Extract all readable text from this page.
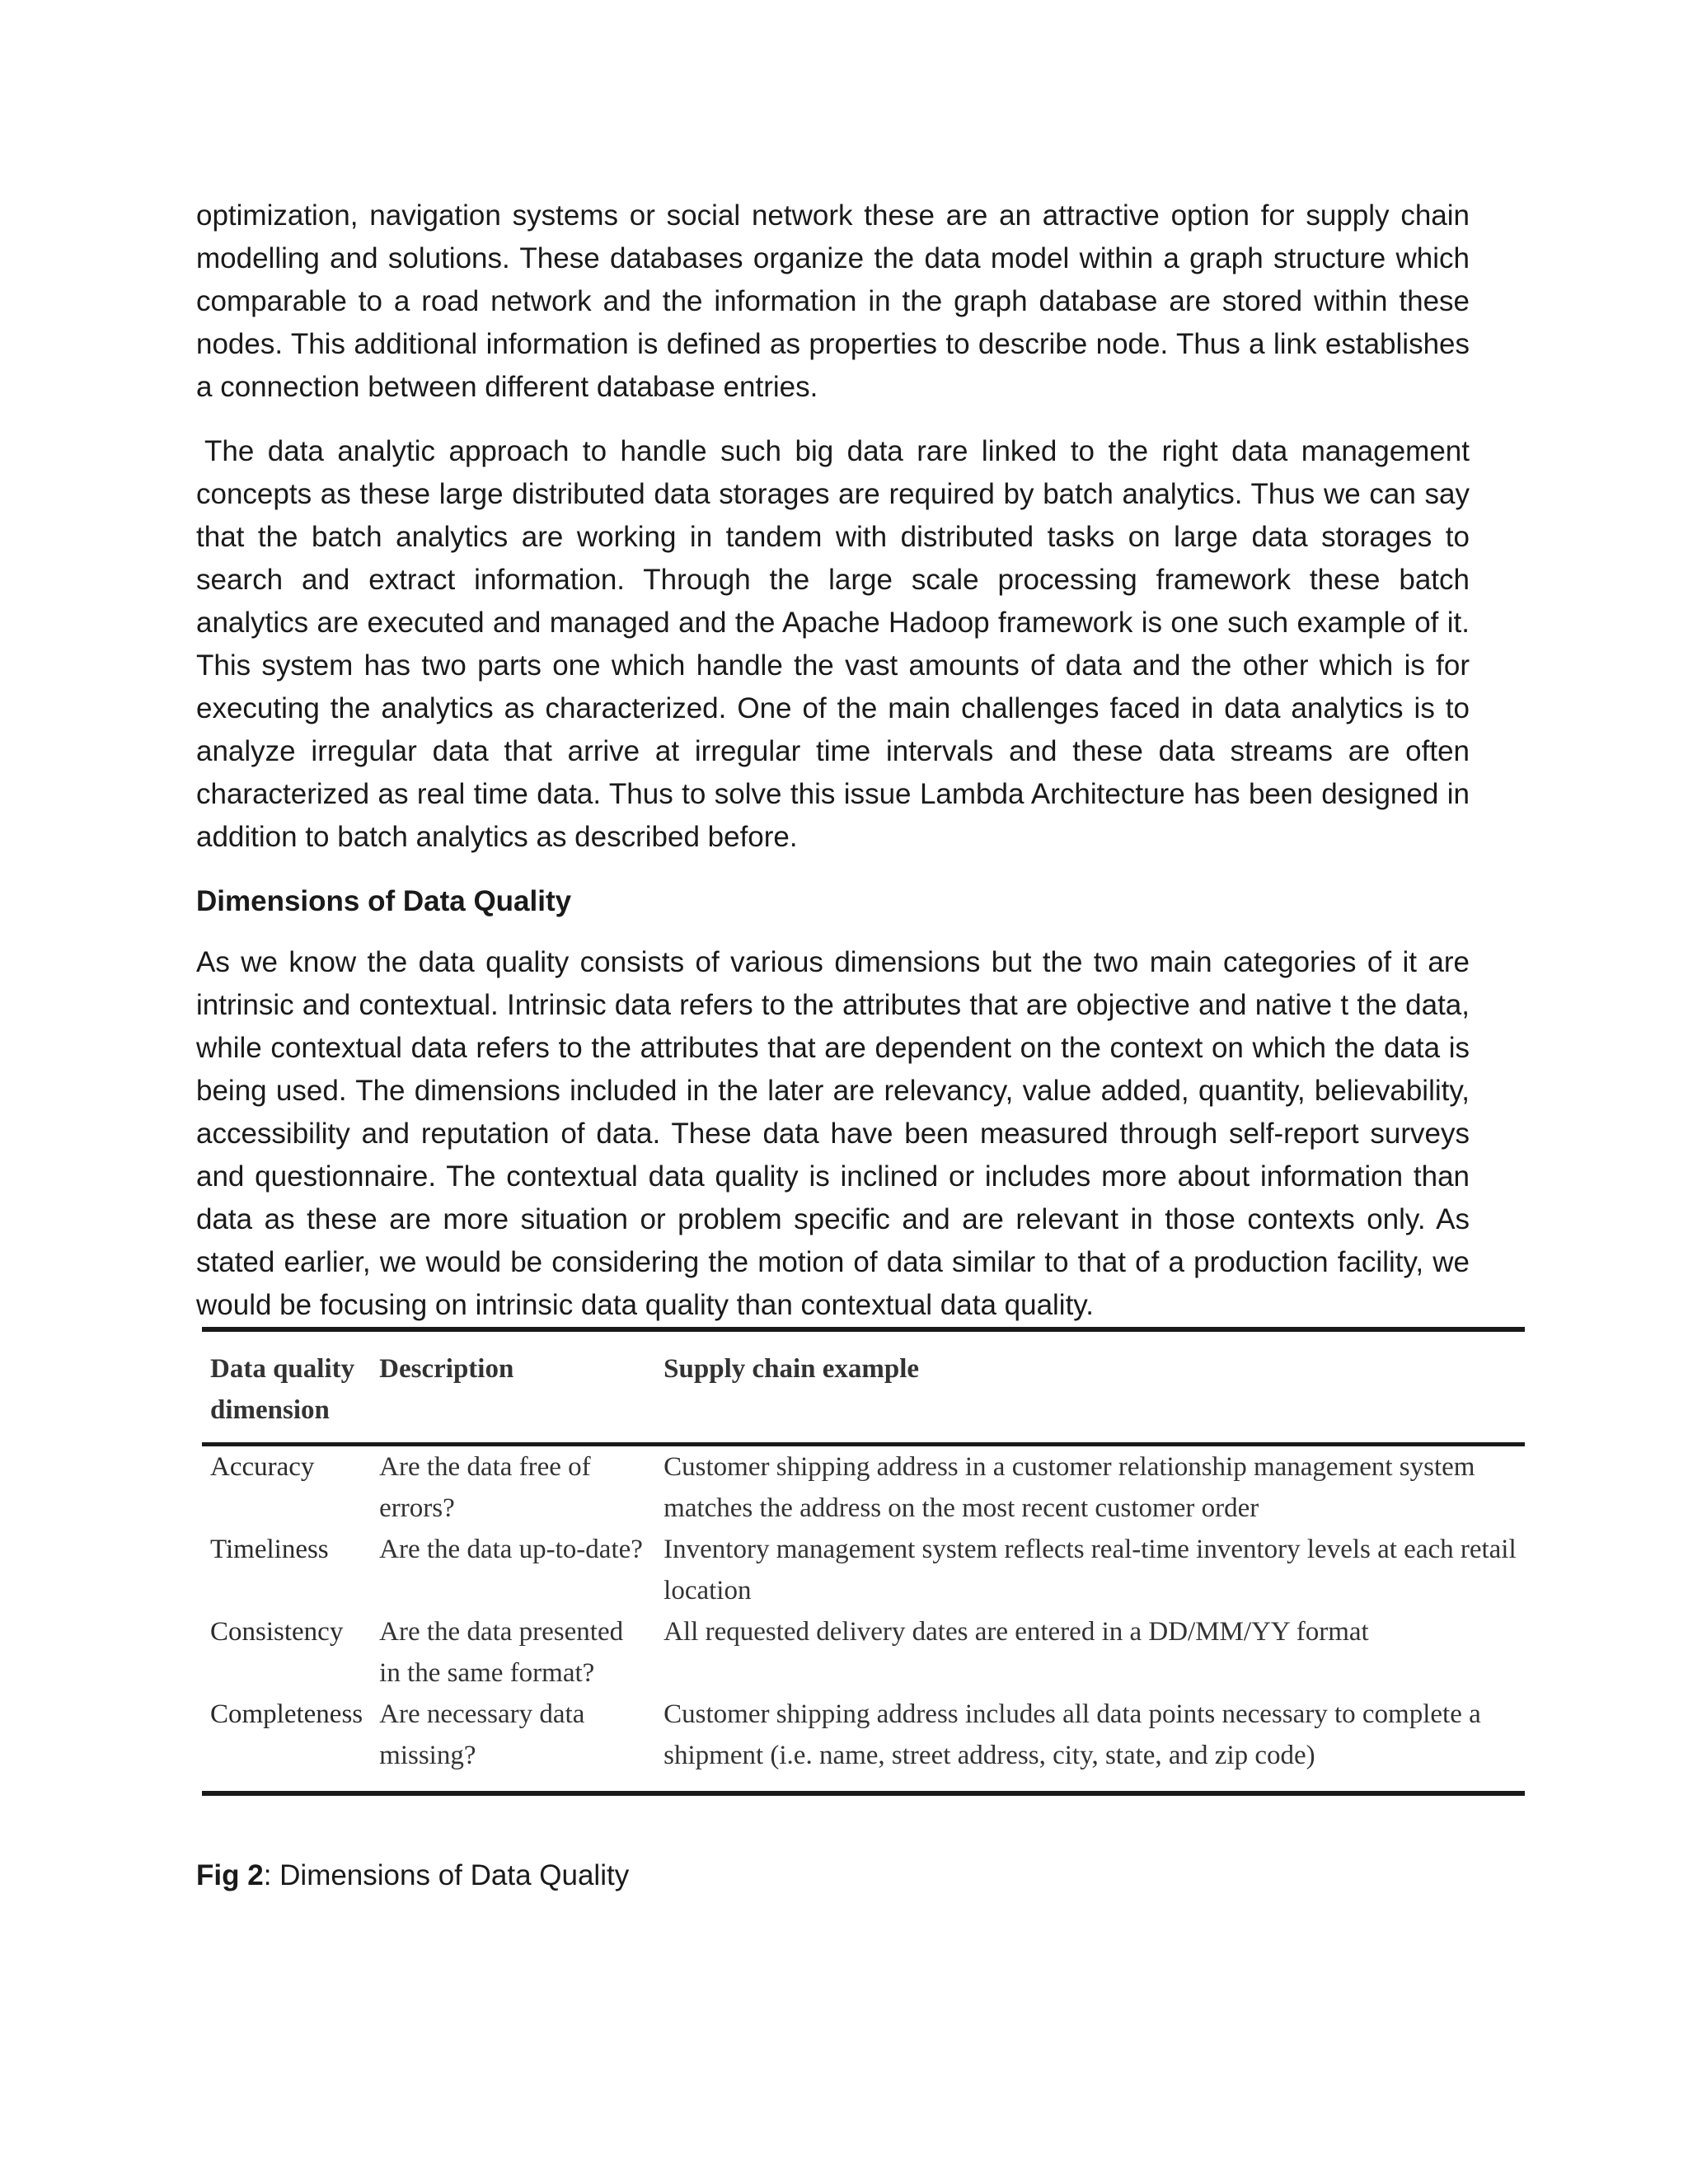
optimization, navigation systems or social network these are an attractive option for supply chain modelling and solutions. These databases organize the data model within a graph structure which comparable to a road network and the information in the graph database are stored within these nodes. This additional information is defined as properties to describe node. Thus a link establishes a connection between different database entries.

The data analytic approach to handle such big data rare linked to the right data management concepts as these large distributed data storages are required by batch analytics. Thus we can say that the batch analytics are working in tandem with distributed tasks on large data storages to search and extract information. Through the large scale processing framework these batch analytics are executed and managed and the Apache Hadoop framework is one such example of it. This system has two parts one which handle the vast amounts of data and the other which is for executing the analytics as characterized. One of the main challenges faced in data analytics is to analyze irregular data that arrive at irregular time intervals and these data streams are often characterized as real time data. Thus to solve this issue Lambda Architecture has been designed in addition to batch analytics as described before.

Dimensions of Data Quality

As we know the data quality consists of various dimensions but the two main categories of it are intrinsic and contextual. Intrinsic data refers to the attributes that are objective and native t the data, while contextual data refers to the attributes that are dependent on the context on which the data is being used. The dimensions included in the later are relevancy, value added, quantity, believability, accessibility and reputation of data. These data have been measured through self-report surveys and questionnaire. The contextual data quality is inclined or includes more about information than data as these are more situation or problem specific and are relevant in those contexts only. As stated earlier, we would be considering the motion of data similar to that of a production facility, we would be focusing on intrinsic data quality than contextual data quality.

Data quality dimension	Description	Supply chain example

Accuracy	Are the data free of errors?	Customer shipping address in a customer relationship management system matches the address on the most recent customer order
Timeliness	Are the data up-to-date?	Inventory management system reflects real-time inventory levels at each retail location
Consistency	Are the data presented in the same format?	All requested delivery dates are entered in a DD/MM/YY format
Completeness	Are necessary data missing?	Customer shipping address includes all data points necessary to complete a shipment (i.e. name, street address, city, state, and zip code)
Fig 2: Dimensions of Data Quality
